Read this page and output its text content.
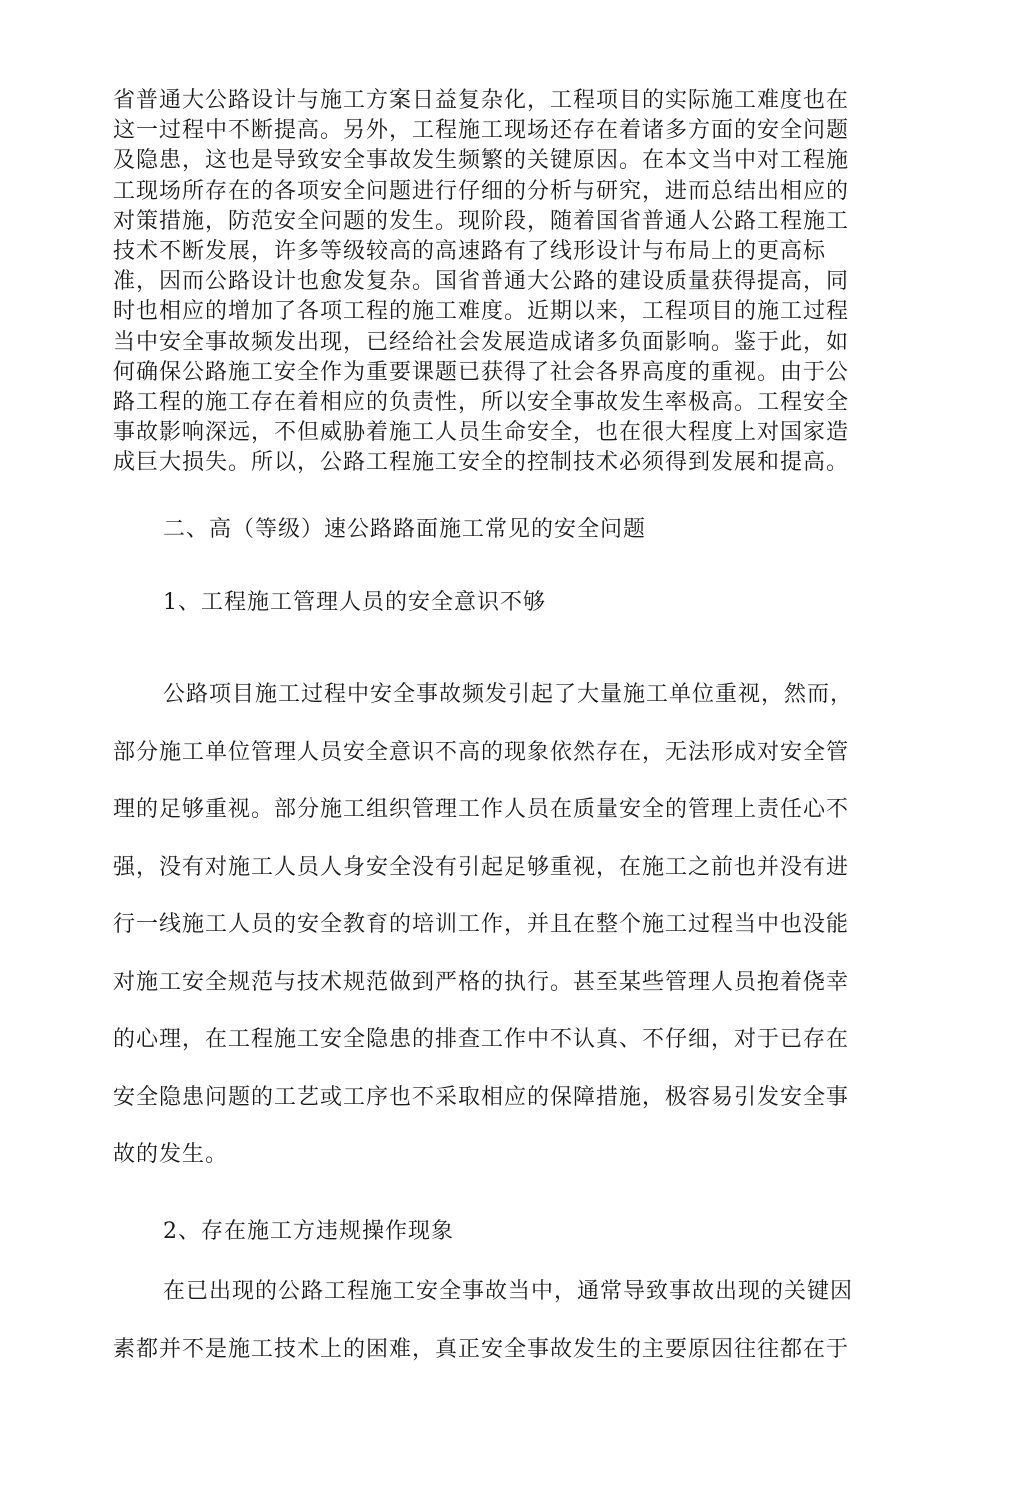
省普通大公路设计与施工方案日益复杂化，工程项目的实际施工难度也在
这一过程中不断提高。另外，工程施工现场还存在着诸多方面的安全问题
及隐患，这也是导致安全事故发生频繁的关键原因。在本文当中对工程施
工现场所存在的各项安全问题进行仔细的分析与研究，进而总结出相应的
对策措施，防范安全问题的发生。现阶段，随着国省普通人公路工程施工
技术不断发展，许多等级较高的高速路有了线形设计与布局上的更高标
准，因而公路设计也愈发复杂。国省普通大公路的建设质量获得提高，同
时也相应的增加了各项工程的施工难度。近期以来，工程项目的施工过程
当中安全事故频发出现，已经给社会发展造成诸多负面影响。鉴于此，如
何确保公路施工安全作为重要课题已获得了社会各界高度的重视。由于公
路工程的施工存在着相应的负责性，所以安全事故发生率极高。工程安全
事故影响深远，不但威胁着施工人员生命安全，也在很大程度上对国家造
成巨大损失。所以，公路工程施工安全的控制技术必须得到发展和提高。

二、高（等级）速公路路面施工常见的安全问题

1、工程施工管理人员的安全意识不够

公路项目施工过程中安全事故频发引起了大量施工单位重视，然而，
部分施工单位管理人员安全意识不高的现象依然存在，无法形成对安全管
理的足够重视。部分施工组织管理工作人员在质量安全的管理上责任心不
强，没有对施工人员人身安全没有引起足够重视，在施工之前也并没有进
行一线施工人员的安全教育的培训工作，并且在整个施工过程当中也没能
对施工安全规范与技术规范做到严格的执行。甚至某些管理人员抱着侥幸
的心理，在工程施工安全隐患的排查工作中不认真、不仔细，对于已存在
安全隐患问题的工艺或工序也不采取相应的保障措施，极容易引发安全事
故的发生。

2、存在施工方违规操作现象

在已出现的公路工程施工安全事故当中，通常导致事故出现的关键因
素都并不是施工技术上的困难，真正安全事故发生的主要原因往往都在于
